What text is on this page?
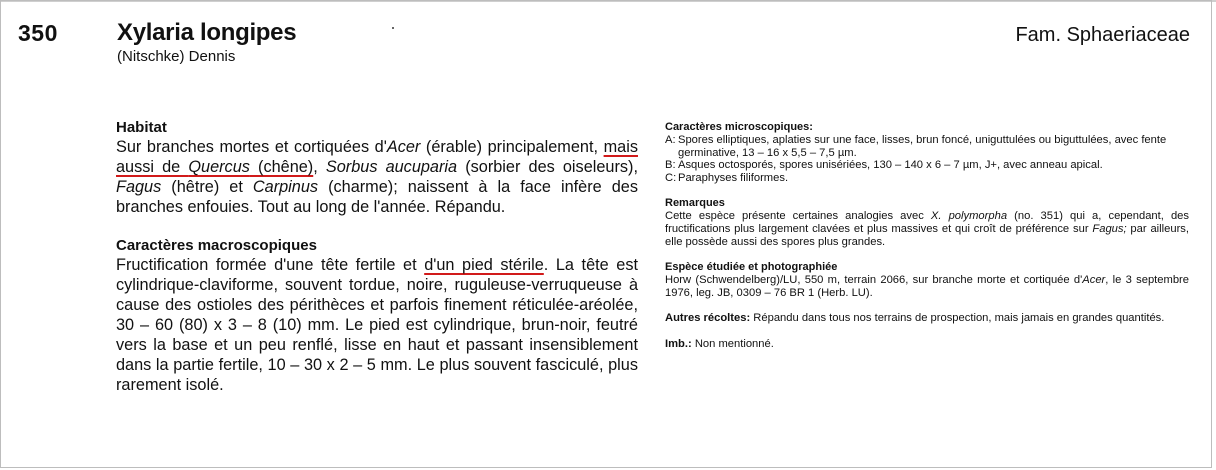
350 Xylaria longipes
(Nitschke) Dennis
Fam. Sphaeriaceae
Habitat

Sur branches mortes et cortiquées d'Acer (érable) principalement, mais aussi de Quercus (chêne), Sorbus aucuparia (sorbier des oiseleurs), Fagus (hêtre) et Carpinus (charme); naissent à la face infère des branches enfouies. Tout au long de l'année. Répandu.

Caractères macroscopiques

Fructification formée d'une tête fertile et d'un pied stérile. La tête est cylindrique-claviforme, souvent tordue, noire, ruguleuse-verruqueuse à cause des ostioles des périthèces et parfois finement réticulée-aréolée, 30 – 60 (80) x 3 – 8 (10) mm. Le pied est cylindrique, brun-noir, feutré vers la base et un peu renflé, lisse en haut et passant insensiblement dans la partie fertile, 10 – 30 x 2 – 5 mm. Le plus souvent fasciculé, plus rarement isolé.

Caractères microscopiques:
A: Spores elliptiques, aplaties sur une face, lisses, brun foncé, uniguttulées ou biguttulées, avec fente germinative, 13 – 16 x 5,5 – 7,5 µm.
B: Asques octosporés, spores unisériées, 130 – 140 x 6 – 7 µm, J+, avec anneau apical.
C: Paraphyses filiformes.
Remarques

Cette espèce présente certaines analogies avec X. polymorpha (no. 351) qui a, cependant, des fructifications plus largement clavées et plus massives et qui croît de préférence sur Fagus; par ailleurs, elle possède aussi des spores plus grandes.

Espèce étudiée et photographiée

Horw (Schwendelberg)/LU, 550 m, terrain 2066, sur branche morte et cortiquée d'Acer, le 3 septembre 1976, leg. JB, 0309 – 76 BR 1 (Herb. LU).

Autres récoltes: Répandu dans tous nos terrains de prospection, mais jamais en grandes quantités.

Imb.: Non mentionné.
